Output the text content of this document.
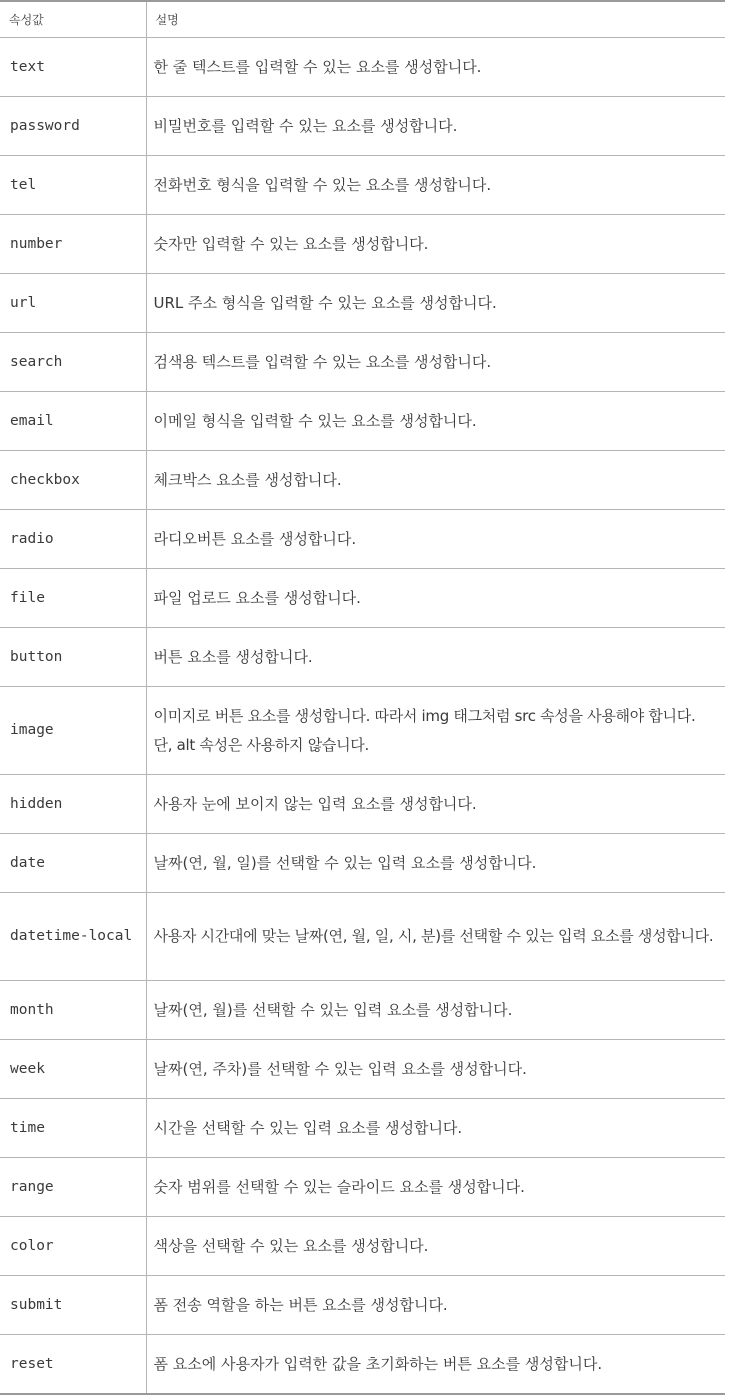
속성값	설명
text	한 줄 텍스트를 입력할 수 있는 요소를 생성합니다.
password	비밀번호를 입력할 수 있는 요소를 생성합니다.
tel	전화번호 형식을 입력할 수 있는 요소를 생성합니다.
number	숫자만 입력할 수 있는 요소를 생성합니다.
url	URL 주소 형식을 입력할 수 있는 요소를 생성합니다.
search	검색용 텍스트를 입력할 수 있는 요소를 생성합니다.
email	이메일 형식을 입력할 수 있는 요소를 생성합니다.
checkbox	체크박스 요소를 생성합니다.
radio	라디오버튼 요소를 생성합니다.
file	파일 업로드 요소를 생성합니다.
button	버튼 요소를 생성합니다.
image	이미지로 버튼 요소를 생성합니다. 따라서 img 태그처럼 src 속성을 사용해야 합니다. 단, alt 속성은 사용하지 않습니다.
hidden	사용자 눈에 보이지 않는 입력 요소를 생성합니다.
date	날짜(연, 월, 일)를 선택할 수 있는 입력 요소를 생성합니다.
datetime-local	사용자 시간대에 맞는 날짜(연, 월, 일, 시, 분)를 선택할 수 있는 입력 요소를 생성합니다.
month	날짜(연, 월)를 선택할 수 있는 입력 요소를 생성합니다.
week	날짜(연, 주차)를 선택할 수 있는 입력 요소를 생성합니다.
time	시간을 선택할 수 있는 입력 요소를 생성합니다.
range	숫자 범위를 선택할 수 있는 슬라이드 요소를 생성합니다.
color	색상을 선택할 수 있는 요소를 생성합니다.
submit	폼 전송 역할을 하는 버튼 요소를 생성합니다.
reset	폼 요소에 사용자가 입력한 값을 초기화하는 버튼 요소를 생성합니다.
